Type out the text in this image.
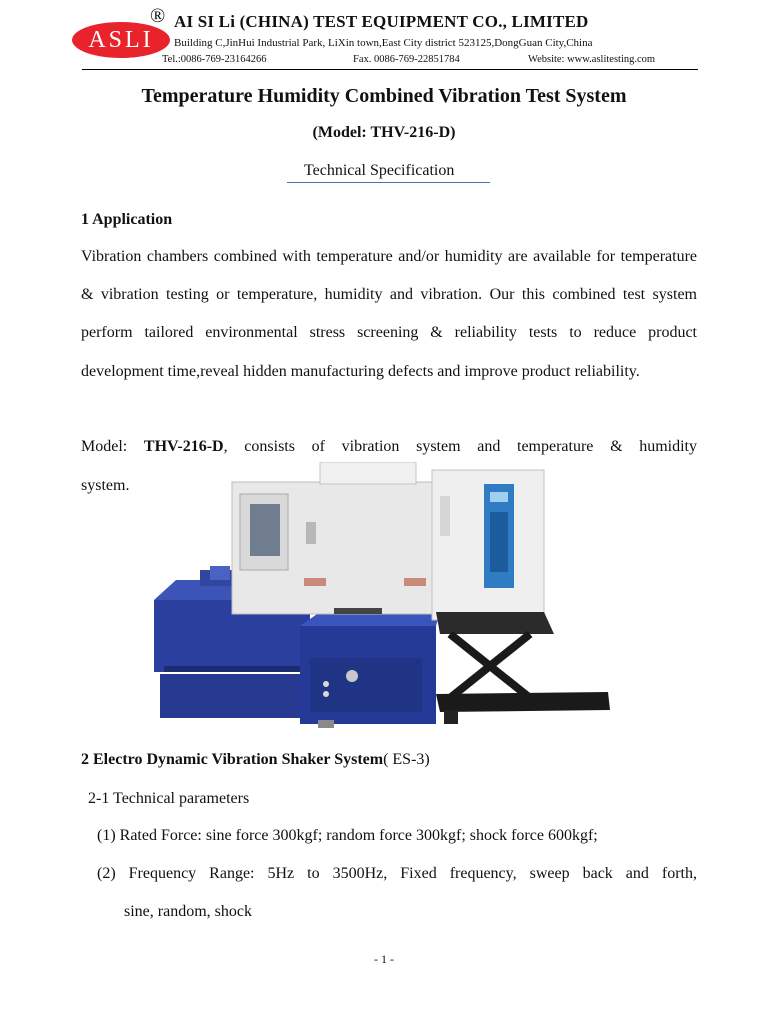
ASLI
® AI SI Li (CHINA) TEST EQUIPMENT CO., LIMITED
Building C,JinHui Industrial Park, LiXin town,East City district 523125,DongGuan City,China
Tel.:0086-769-23164266	Fax. 0086-769-22851784	Website: www.aslitesting.com
Temperature Humidity Combined Vibration Test System
(Model: THV-216-D)
Technical Specification
1 Application
Vibration chambers combined with temperature and/or humidity are available for temperature & vibration testing or temperature, humidity and vibration. Our this combined test system perform tailored environmental stress screening & reliability tests to reduce product development time,reveal hidden manufacturing defects and improve product reliability.
Model: THV-216-D, consists of vibration system and temperature & humidity
system.
2 Electro Dynamic Vibration Shaker System( ES-3)
2-1 Technical parameters
(1) Rated Force: sine force 300kgf; random force 300kgf; shock force 600kgf;
(2) Frequency Range: 5Hz to 3500Hz, Fixed frequency, sweep back and forth,
sine, random, shock
- 1 -
